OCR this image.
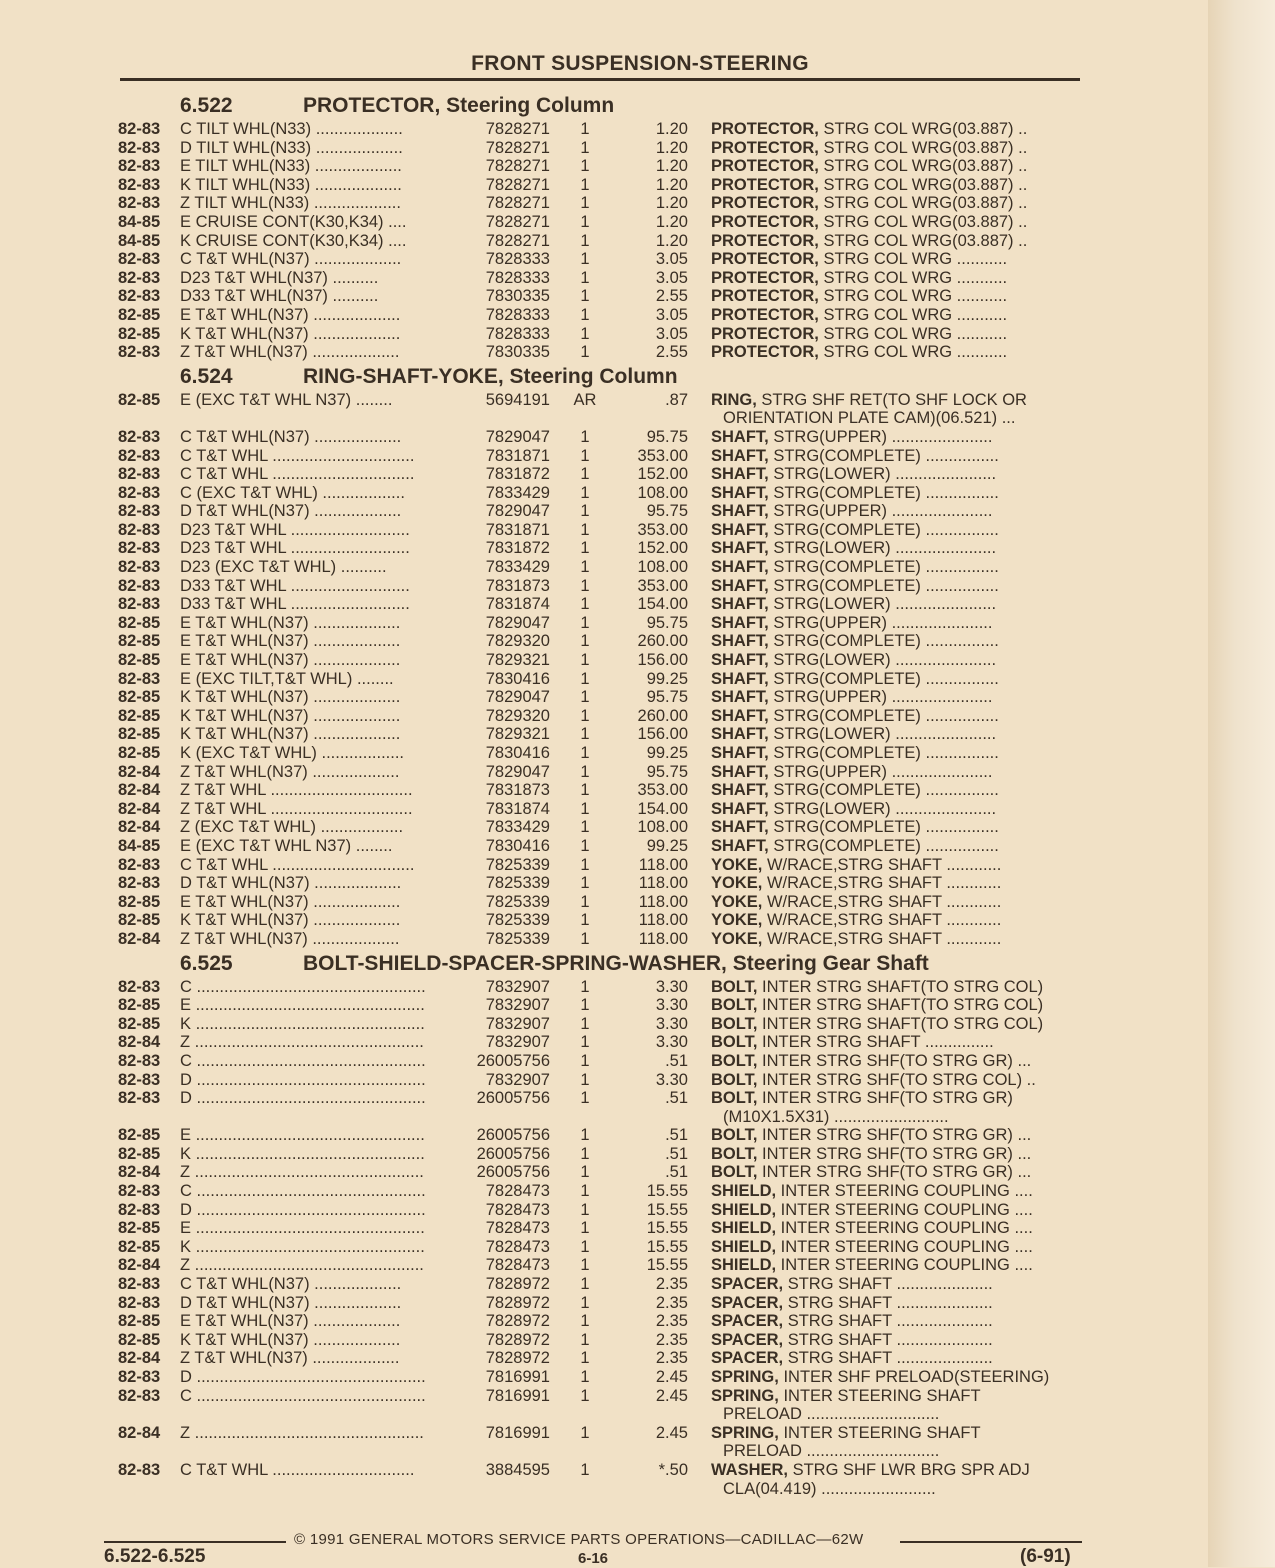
FRONT SUSPENSION-STEERING
6.522	PROTECTOR, Steering Column
82-83 C TILT WHL(N33) ...................	7828271	1	1.20 PROTECTOR, STRG COL WRG(03.887) ..
82-83 D TILT WHL(N33) ...................	7828271	1	1.20 PROTECTOR, STRG COL WRG(03.887) ..
82-83 E TILT WHL(N33) ...................	7828271	1	1.20 PROTECTOR, STRG COL WRG(03.887) ..
82-83 K TILT WHL(N33) ...................	7828271	1	1.20 PROTECTOR, STRG COL WRG(03.887) ..
82-83 Z TILT WHL(N33) ...................	7828271	1	1.20 PROTECTOR, STRG COL WRG(03.887) ..
84-85 E CRUISE CONT(K30,K34) ....	7828271	1	1.20 PROTECTOR, STRG COL WRG(03.887) ..
84-85 K CRUISE CONT(K30,K34) ....	7828271	1	1.20 PROTECTOR, STRG COL WRG(03.887) ..
82-83 C T&T WHL(N37) ...................	7828333	1	3.05 PROTECTOR, STRG COL WRG ...........
82-83 D23 T&T WHL(N37) ..........	7828333	1	3.05 PROTECTOR, STRG COL WRG ...........
82-83 D33 T&T WHL(N37) ..........	7830335	1	2.55 PROTECTOR, STRG COL WRG ...........
82-85 E T&T WHL(N37) ...................	7828333	1	3.05 PROTECTOR, STRG COL WRG ...........
82-85 K T&T WHL(N37) ...................	7828333	1	3.05 PROTECTOR, STRG COL WRG ...........
82-83 Z T&T WHL(N37) ...................	7830335	1	2.55 PROTECTOR, STRG COL WRG ...........
6.524	RING-SHAFT-YOKE, Steering Column
82-85 E (EXC T&T WHL N37) ........	5694191	AR	.87 RING, STRG SHF RET(TO SHF LOCK OR
ORIENTATION PLATE CAM)(06.521) ...
82-83 C T&T WHL(N37) ...................	7829047	1	95.75 SHAFT, STRG(UPPER) ......................
82-83 C T&T WHL ...............................	7831871	1	353.00 SHAFT, STRG(COMPLETE) ................
82-83 C T&T WHL ...............................	7831872	1	152.00 SHAFT, STRG(LOWER) ......................
82-83 C (EXC T&T WHL) ..................	7833429	1	108.00 SHAFT, STRG(COMPLETE) ................
82-83 D T&T WHL(N37) ...................	7829047	1	95.75 SHAFT, STRG(UPPER) ......................
82-83 D23 T&T WHL ..........................	7831871	1	353.00 SHAFT, STRG(COMPLETE) ................
82-83 D23 T&T WHL ..........................	7831872	1	152.00 SHAFT, STRG(LOWER) ......................
82-83 D23 (EXC T&T WHL) ..........	7833429	1	108.00 SHAFT, STRG(COMPLETE) ................
82-83 D33 T&T WHL ..........................	7831873	1	353.00 SHAFT, STRG(COMPLETE) ................
82-83 D33 T&T WHL ..........................	7831874	1	154.00 SHAFT, STRG(LOWER) ......................
82-85 E T&T WHL(N37) ...................	7829047	1	95.75 SHAFT, STRG(UPPER) ......................
82-85 E T&T WHL(N37) ...................	7829320	1	260.00 SHAFT, STRG(COMPLETE) ................
82-85 E T&T WHL(N37) ...................	7829321	1	156.00 SHAFT, STRG(LOWER) ......................
82-83 E (EXC TILT,T&T WHL) ........	7830416	1	99.25 SHAFT, STRG(COMPLETE) ................
82-85 K T&T WHL(N37) ...................	7829047	1	95.75 SHAFT, STRG(UPPER) ......................
82-85 K T&T WHL(N37) ...................	7829320	1	260.00 SHAFT, STRG(COMPLETE) ................
82-85 K T&T WHL(N37) ...................	7829321	1	156.00 SHAFT, STRG(LOWER) ......................
82-85 K (EXC T&T WHL) ..................	7830416	1	99.25 SHAFT, STRG(COMPLETE) ................
82-84 Z T&T WHL(N37) ...................	7829047	1	95.75 SHAFT, STRG(UPPER) ......................
82-84 Z T&T WHL ...............................	7831873	1	353.00 SHAFT, STRG(COMPLETE) ................
82-84 Z T&T WHL ...............................	7831874	1	154.00 SHAFT, STRG(LOWER) ......................
82-84 Z (EXC T&T WHL) ..................	7833429	1	108.00 SHAFT, STRG(COMPLETE) ................
84-85 E (EXC T&T WHL N37) ........	7830416	1	99.25 SHAFT, STRG(COMPLETE) ................
82-83 C T&T WHL ...............................	7825339	1	118.00 YOKE, W/RACE,STRG SHAFT ............
82-83 D T&T WHL(N37) ...................	7825339	1	118.00 YOKE, W/RACE,STRG SHAFT ............
82-85 E T&T WHL(N37) ...................	7825339	1	118.00 YOKE, W/RACE,STRG SHAFT ............
82-85 K T&T WHL(N37) ...................	7825339	1	118.00 YOKE, W/RACE,STRG SHAFT ............
82-84 Z T&T WHL(N37) ...................	7825339	1	118.00 YOKE, W/RACE,STRG SHAFT ............
6.525	BOLT-SHIELD-SPACER-SPRING-WASHER, Steering Gear Shaft
82-83 C ..................................................	7832907	1	3.30 BOLT, INTER STRG SHAFT(TO STRG COL)
82-85 E ..................................................	7832907	1	3.30 BOLT, INTER STRG SHAFT(TO STRG COL)
82-85 K ..................................................	7832907	1	3.30 BOLT, INTER STRG SHAFT(TO STRG COL)
82-84 Z ..................................................	7832907	1	3.30 BOLT, INTER STRG SHAFT ...............
82-83 C ..................................................	26005756	1	.51 BOLT, INTER STRG SHF(TO STRG GR) ...
82-83 D ..................................................	7832907	1	3.30 BOLT, INTER STRG SHF(TO STRG COL) ..
82-83 D ..................................................	26005756	1	.51 BOLT, INTER STRG SHF(TO STRG GR)
(M10X1.5X31) .........................
82-85 E ..................................................	26005756	1	.51 BOLT, INTER STRG SHF(TO STRG GR) ...
82-85 K ..................................................	26005756	1	.51 BOLT, INTER STRG SHF(TO STRG GR) ...
82-84 Z ..................................................	26005756	1	.51 BOLT, INTER STRG SHF(TO STRG GR) ...
82-83 C ..................................................	7828473	1	15.55 SHIELD, INTER STEERING COUPLING ....
82-83 D ..................................................	7828473	1	15.55 SHIELD, INTER STEERING COUPLING ....
82-85 E ..................................................	7828473	1	15.55 SHIELD, INTER STEERING COUPLING ....
82-85 K ..................................................	7828473	1	15.55 SHIELD, INTER STEERING COUPLING ....
82-84 Z ..................................................	7828473	1	15.55 SHIELD, INTER STEERING COUPLING ....
82-83 C T&T WHL(N37) ...................	7828972	1	2.35 SPACER, STRG SHAFT .....................
82-83 D T&T WHL(N37) ...................	7828972	1	2.35 SPACER, STRG SHAFT .....................
82-85 E T&T WHL(N37) ...................	7828972	1	2.35 SPACER, STRG SHAFT .....................
82-85 K T&T WHL(N37) ...................	7828972	1	2.35 SPACER, STRG SHAFT .....................
82-84 Z T&T WHL(N37) ...................	7828972	1	2.35 SPACER, STRG SHAFT .....................
82-83 D ..................................................	7816991	1	2.45 SPRING, INTER SHF PRELOAD(STEERING)
82-83 C ..................................................	7816991	1	2.45 SPRING, INTER STEERING SHAFT
PRELOAD .............................
82-84 Z ..................................................	7816991	1	2.45 SPRING, INTER STEERING SHAFT
PRELOAD .............................
82-83 C T&T WHL ...............................	3884595	1	*.50 WASHER, STRG SHF LWR BRG SPR ADJ
CLA(04.419) .........................
© 1991 GENERAL MOTORS SERVICE PARTS OPERATIONS—CADILLAC—62W
6.522-6.525	6-16	(6-91)
